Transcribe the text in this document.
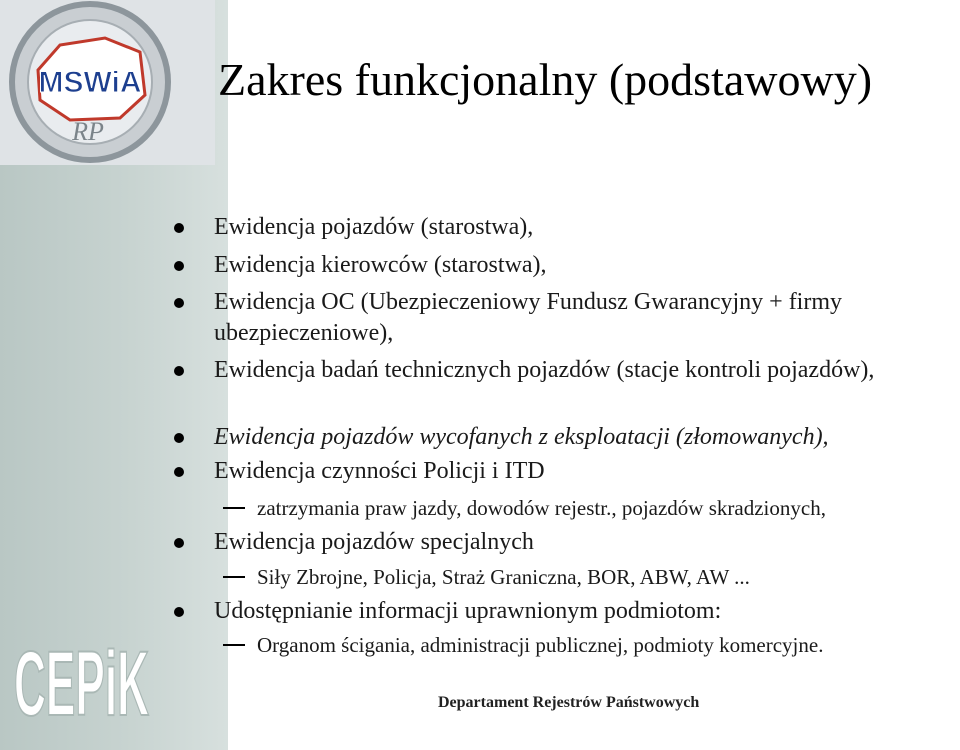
MSWiA
RP
CEPiK
Zakres funkcjonalny (podstawowy)
Ewidencja pojazdów (starostwa),
Ewidencja kierowców (starostwa),
Ewidencja OC (Ubezpieczeniowy Fundusz Gwarancyjny + firmy ubezpieczeniowe),
Ewidencja badań technicznych pojazdów (stacje kontroli pojazdów),
Ewidencja pojazdów wycofanych z eksploatacji (złomowanych),
Ewidencja czynności Policji i ITD
zatrzymania praw jazdy, dowodów rejestr., pojazdów skradzionych,
Ewidencja pojazdów specjalnych
Siły Zbrojne, Policja, Straż Graniczna, BOR, ABW, AW ...
Udostępnianie informacji uprawnionym podmiotom:
Organom ścigania, administracji publicznej, podmioty komercyjne.
Departament Rejestrów Państwowych
